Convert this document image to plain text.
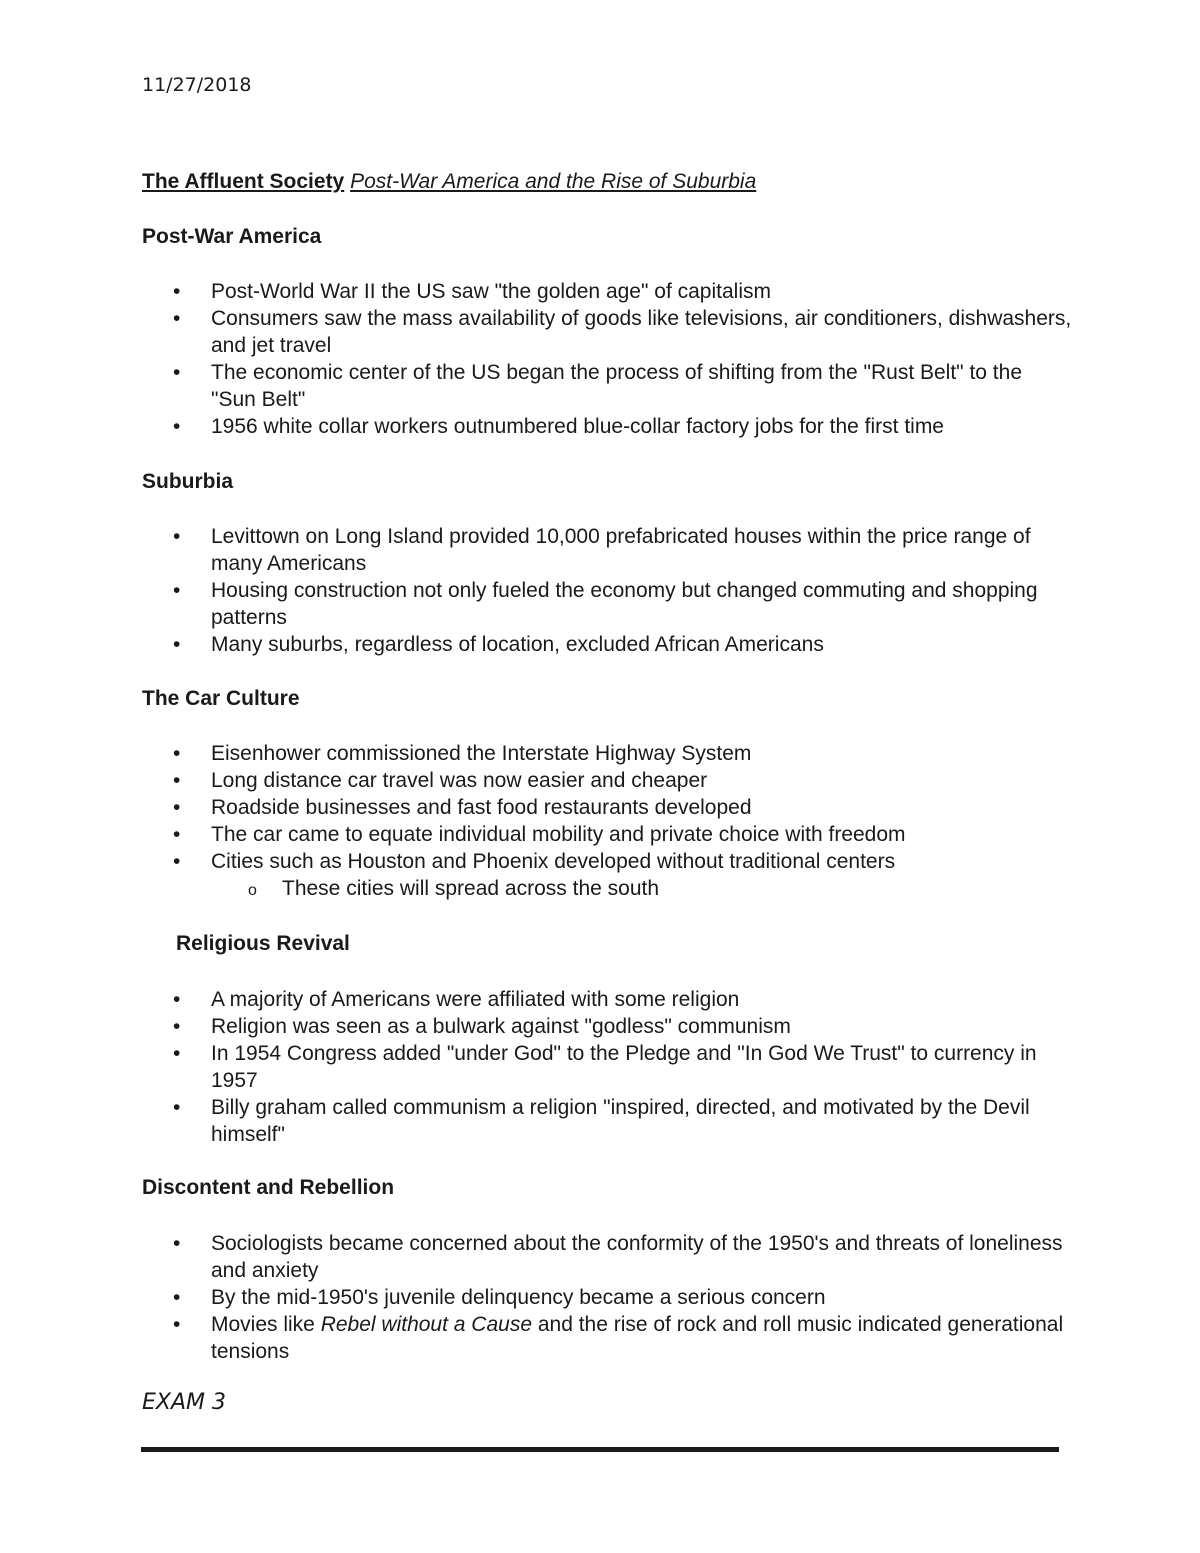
11/27/2018
The Affluent Society Post-War America and the Rise of Suburbia
Post-War America
• Post-World War II the US saw "the golden age" of capitalism
• Consumers saw the mass availability of goods like televisions, air conditioners, dishwashers, and jet travel
• The economic center of the US began the process of shifting from the "Rust Belt" to the "Sun Belt"
• 1956 white collar workers outnumbered blue-collar factory jobs for the first time
Suburbia
• Levittown on Long Island provided 10,000 prefabricated houses within the price range of many Americans
• Housing construction not only fueled the economy but changed commuting and shopping patterns
• Many suburbs, regardless of location, excluded African Americans
The Car Culture
• Eisenhower commissioned the Interstate Highway System
• Long distance car travel was now easier and cheaper
• Roadside businesses and fast food restaurants developed
• The car came to equate individual mobility and private choice with freedom
• Cities such as Houston and Phoenix developed without traditional centers
o These cities will spread across the south
Religious Revival
• A majority of Americans were affiliated with some religion
• Religion was seen as a bulwark against "godless" communism
• In 1954 Congress added "under God" to the Pledge and "In God We Trust" to currency in 1957
• Billy graham called communism a religion "inspired, directed, and motivated by the Devil himself"
Discontent and Rebellion
• Sociologists became concerned about the conformity of the 1950's and threats of loneliness and anxiety
• By the mid-1950's juvenile delinquency became a serious concern
• Movies like Rebel without a Cause and the rise of rock and roll music indicated generational tensions
EXAM 3
